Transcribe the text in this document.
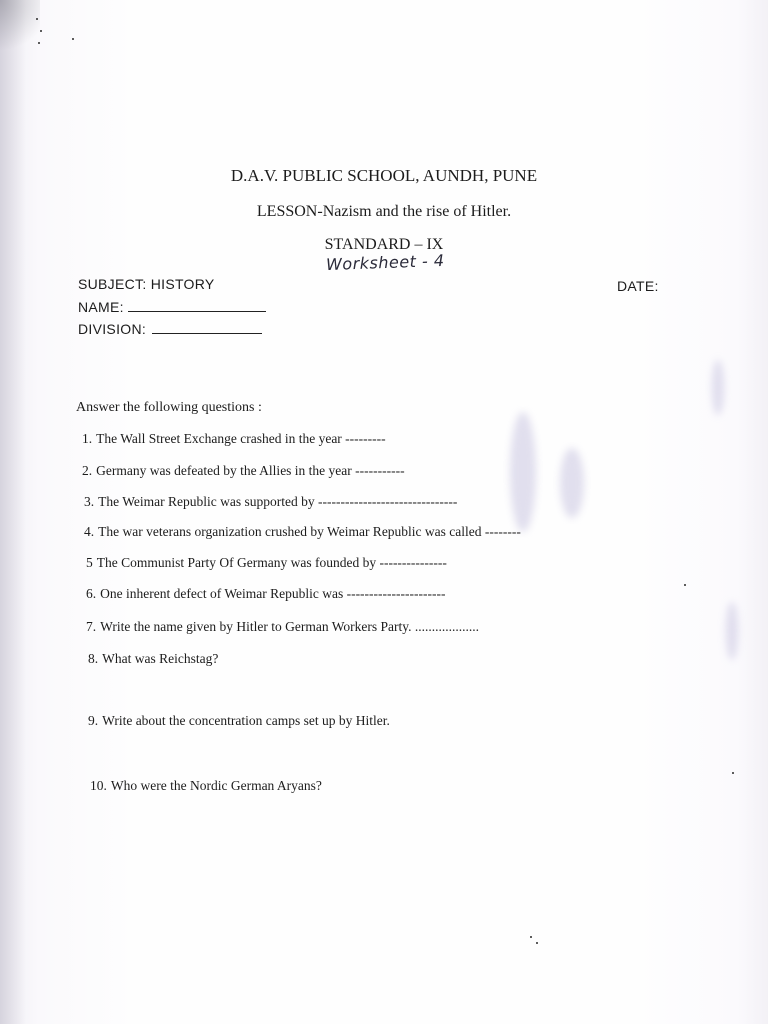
D.A.V. PUBLIC SCHOOL, AUNDH, PUNE
LESSON-Nazism and the rise of Hitler.
STANDARD – IX
Worksheet - 4
SUBJECT: HISTORY
NAME:
DIVISION:
DATE:
Answer the following questions :
1. The Wall Street Exchange crashed in the year ---------
2. Germany was defeated by the Allies in the year -----------
3. The Weimar Republic was supported by -------------------------------
4. The war veterans organization crushed by Weimar Republic was called --------
5 The Communist Party Of Germany was founded by ---------------
6. One inherent defect of Weimar Republic was ----------------------
7. Write the name given by Hitler to German Workers Party. ...................
8. What was Reichstag?
9. Write about the concentration camps set up by Hitler.
10. Who were the Nordic German Aryans?
